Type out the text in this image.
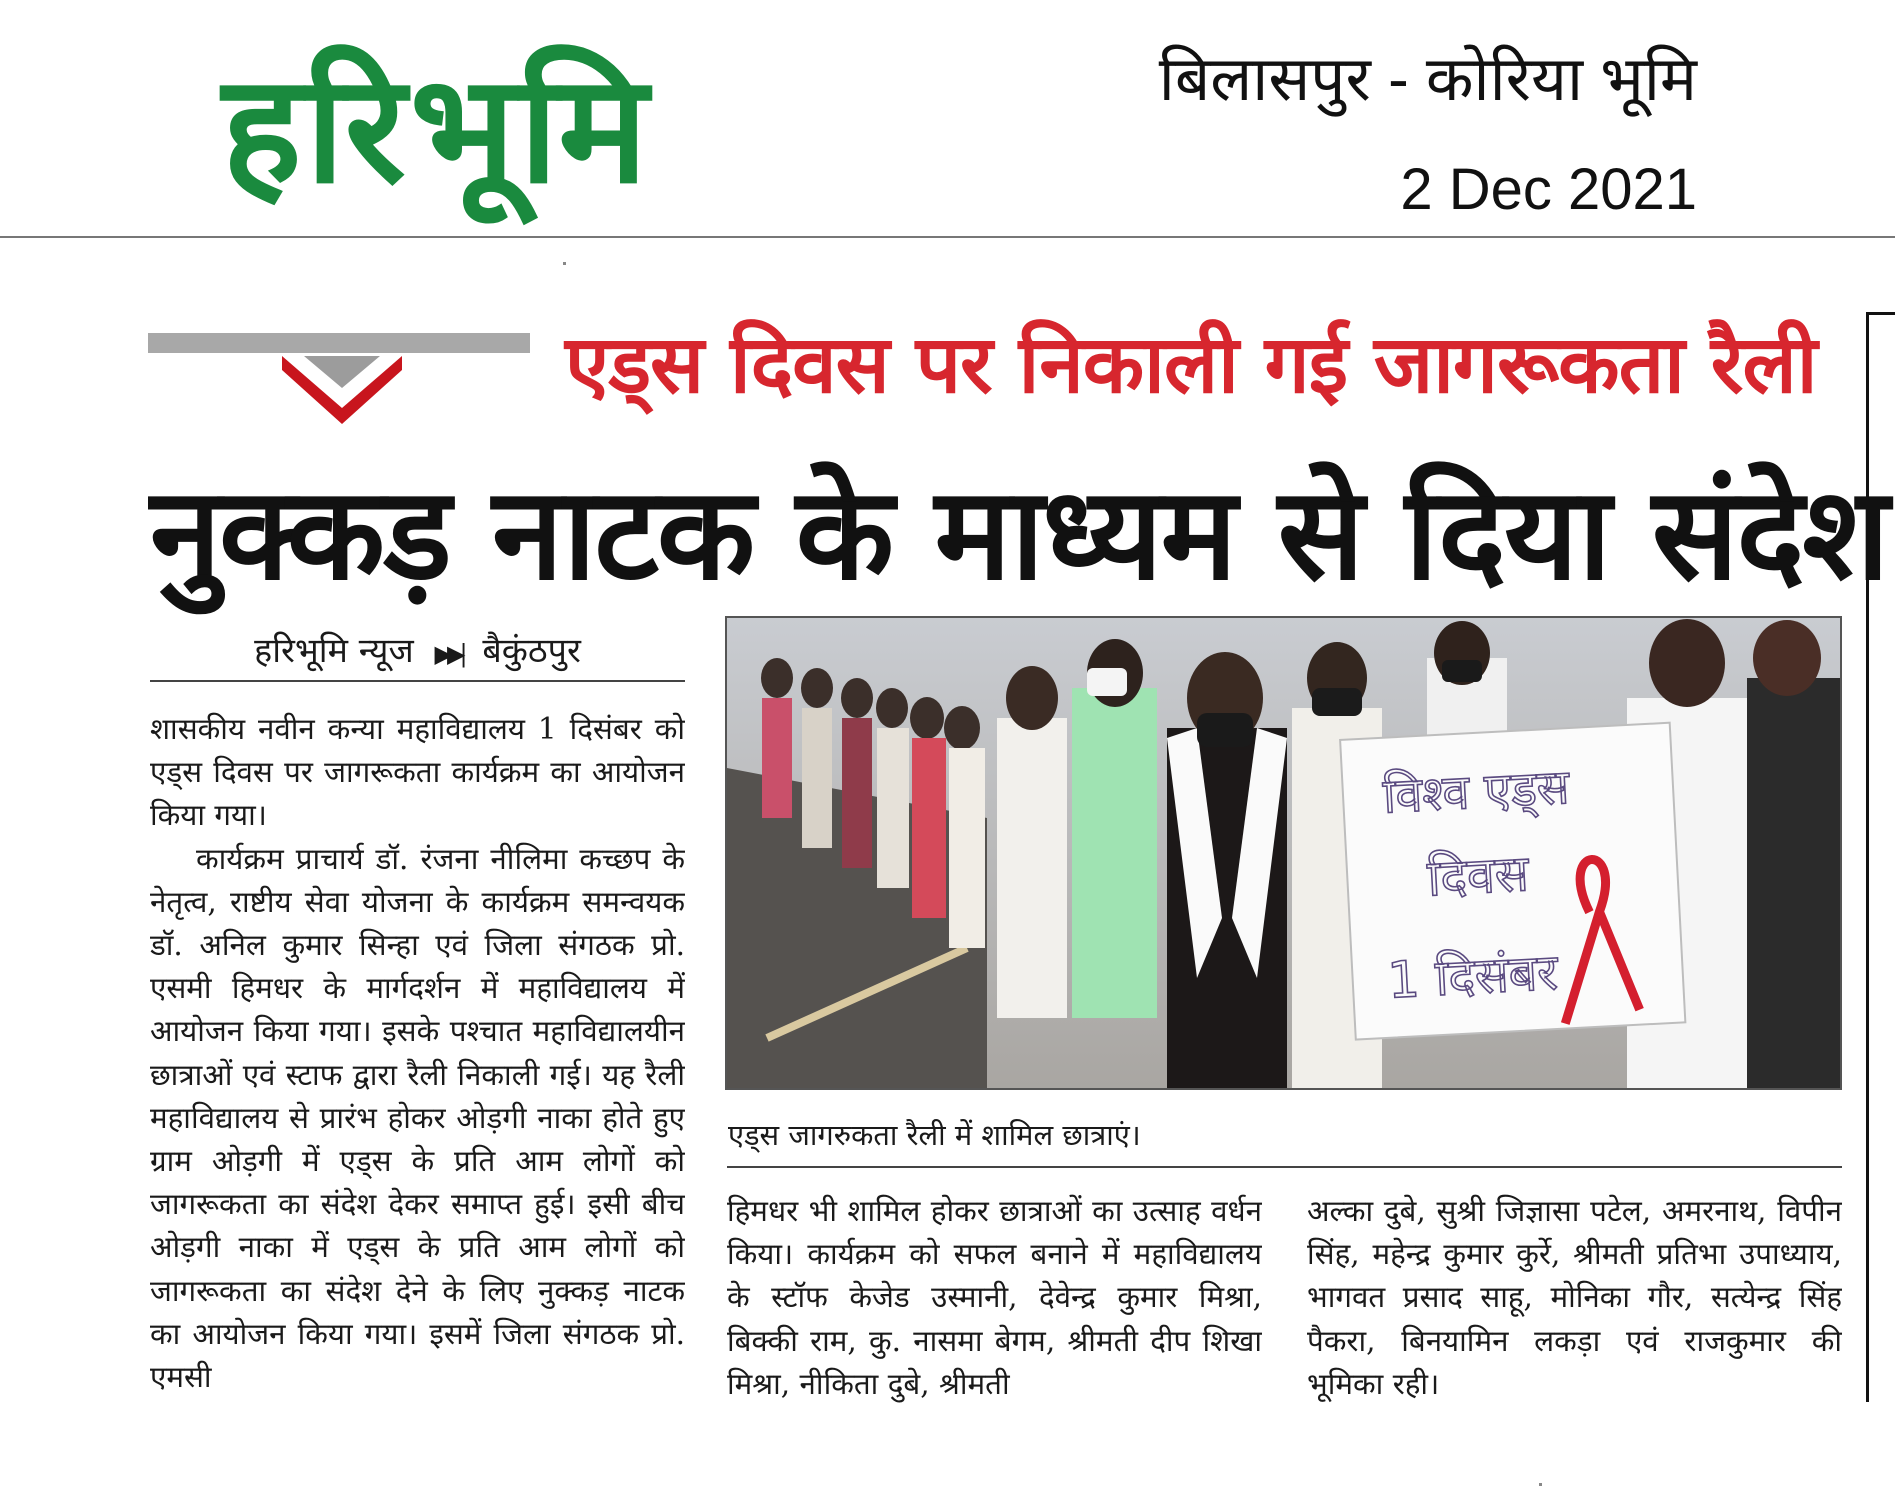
हरिभूमि	बिलासपुर - कोरिया भूमि
2 Dec 2021
एड्स दिवस पर निकाली गई जागरूकता रैली
नुक्कड़ नाटक के माध्यम से दिया संदेश
हरिभूमि न्यूज ▶▶| बैकुंठपुर

शासकीय नवीन कन्या महाविद्यालय 1 दिसंबर को एड्स दिवस पर जागरूकता कार्यक्रम का आयोजन किया गया।

कार्यक्रम प्राचार्य डॉ. रंजना नीलिमा कच्छप के नेतृत्व, राष्टीय सेवा योजना के कार्यक्रम समन्वयक डॉ. अनिल कुमार सिन्हा एवं जिला संगठक प्रो. एसमी हिमधर के मार्गदर्शन में महाविद्यालय में आयोजन किया गया। इसके पश्चात महाविद्यालयीन छात्राओं एवं स्टाफ द्वारा रैली निकाली गई। यह रैली महाविद्यालय से प्रारंभ होकर ओड़गी नाका होते हुए ग्राम ओड़गी में एड्स के प्रति आम लोगों को जागरूकता का संदेश देकर समाप्त हुई। इसी बीच ओड़गी नाका में एड्स के प्रति आम लोगों को जागरूकता का संदेश देने के लिए नुक्कड़ नाटक का आयोजन किया गया। इसमें जिला संगठक प्रो. एमसी

विश्व एड्स
दिवस
1 दिसंबर
एड्स जागरुकता रैली में शामिल छात्राएं।

हिमधर भी शामिल होकर छात्राओं का उत्साह वर्धन किया। कार्यक्रम को सफल बनाने में महाविद्यालय के स्टॉफ केजेड उस्मानी, देवेन्द्र कुमार मिश्रा, बिक्की राम, कु. नासमा बेगम, श्रीमती दीप शिखा मिश्रा, नीकिता दुबे, श्रीमती

अल्का दुबे, सुश्री जिज्ञासा पटेल, अमरनाथ, विपीन सिंह, महेन्द्र कुमार कुर्रे, श्रीमती प्रतिभा उपाध्याय, भागवत प्रसाद साहू, मोनिका गौर, सत्येन्द्र सिंह पैकरा, बिनयामिन लकड़ा एवं राजकुमार की भूमिका रही।
